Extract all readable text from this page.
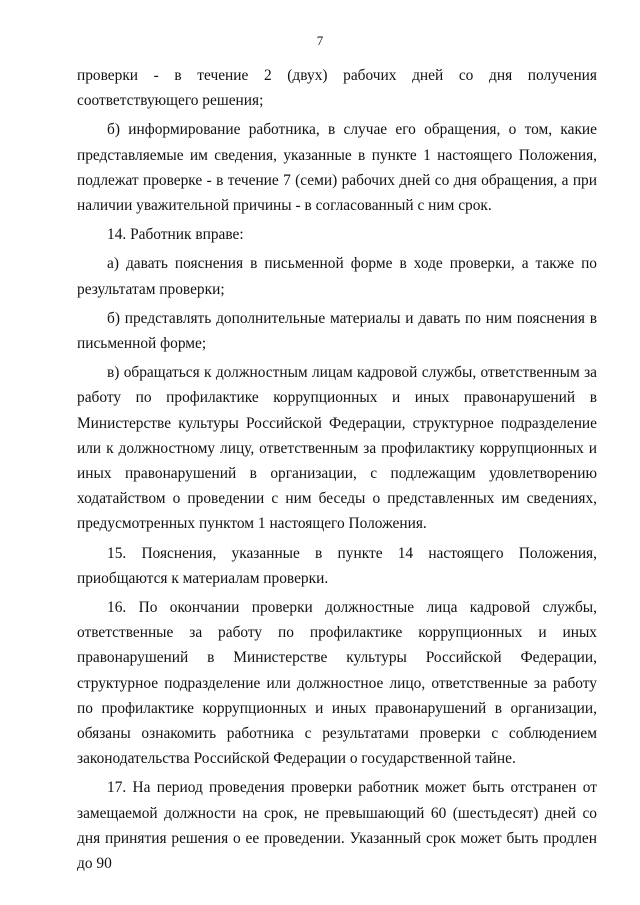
7

проверки - в течение 2 (двух) рабочих дней со дня получения соответствующего решения;

б) информирование работника, в случае его обращения, о том, какие представляемые им сведения, указанные в пункте 1 настоящего Положения, подлежат проверке - в течение 7 (семи) рабочих дней со дня обращения, а при наличии уважительной причины - в согласованный с ним срок.

14. Работник вправе:

а) давать пояснения в письменной форме в ходе проверки, а также по результатам проверки;

б) представлять дополнительные материалы и давать по ним пояснения в письменной форме;

в) обращаться к должностным лицам кадровой службы, ответственным за работу по профилактике коррупционных и иных правонарушений в Министерстве культуры Российской Федерации, структурное подразделение или к должностному лицу, ответственным за профилактику коррупционных и иных правонарушений в организации, с подлежащим удовлетворению ходатайством о проведении с ним беседы о представленных им сведениях, предусмотренных пунктом 1 настоящего Положения.

15. Пояснения, указанные в пункте 14 настоящего Положения, приобщаются к материалам проверки.

16. По окончании проверки должностные лица кадровой службы, ответственные за работу по профилактике коррупционных и иных правонарушений в Министерстве культуры Российской Федерации, структурное подразделение или должностное лицо, ответственные за работу по профилактике коррупционных и иных правонарушений в организации, обязаны ознакомить работника с результатами проверки с соблюдением законодательства Российской Федерации о государственной тайне.

17. На период проведения проверки работник может быть отстранен от замещаемой должности на срок, не превышающий 60 (шестьдесят) дней со дня принятия решения о ее проведении. Указанный срок может быть продлен до 90
